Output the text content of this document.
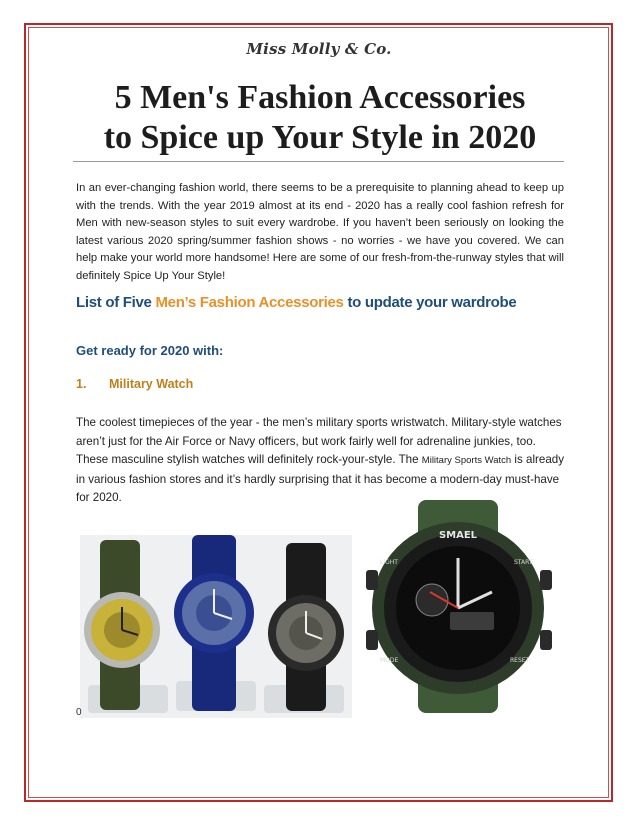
Miss Molly & Co.
5 Men's Fashion Accessories
to Spice up Your Style in 2020

In an ever-changing fashion world, there seems to be a prerequisite to planning ahead to keep up with the trends. With the year 2019 almost at its end - 2020 has a really cool fashion refresh for Men with new-season styles to suit every wardrobe. If you haven’t been seriously on looking the latest various 2020 spring/summer fashion shows - no worries - we have you covered. We can help make your world more handsome! Here are some of our fresh-from-the-runway styles that will definitely Spice Up Your Style!

List of Five Men’s Fashion Accessories to update your wardrobe
Get ready for 2020 with:
1. Military Watch

The coolest timepieces of the year - the men’s military sports wristwatch. Military-style watches aren’t just for the Air Force or Navy officers, but work fairly well for adrenaline junkies, too. These masculine stylish watches will definitely rock-your-style. The Military Sports Watch is already in various fashion stores and it’s hardly surprising that it has become a modern-day must-have for 2020.

SMAEL
LIGHT	START
RESET
MODE
0
